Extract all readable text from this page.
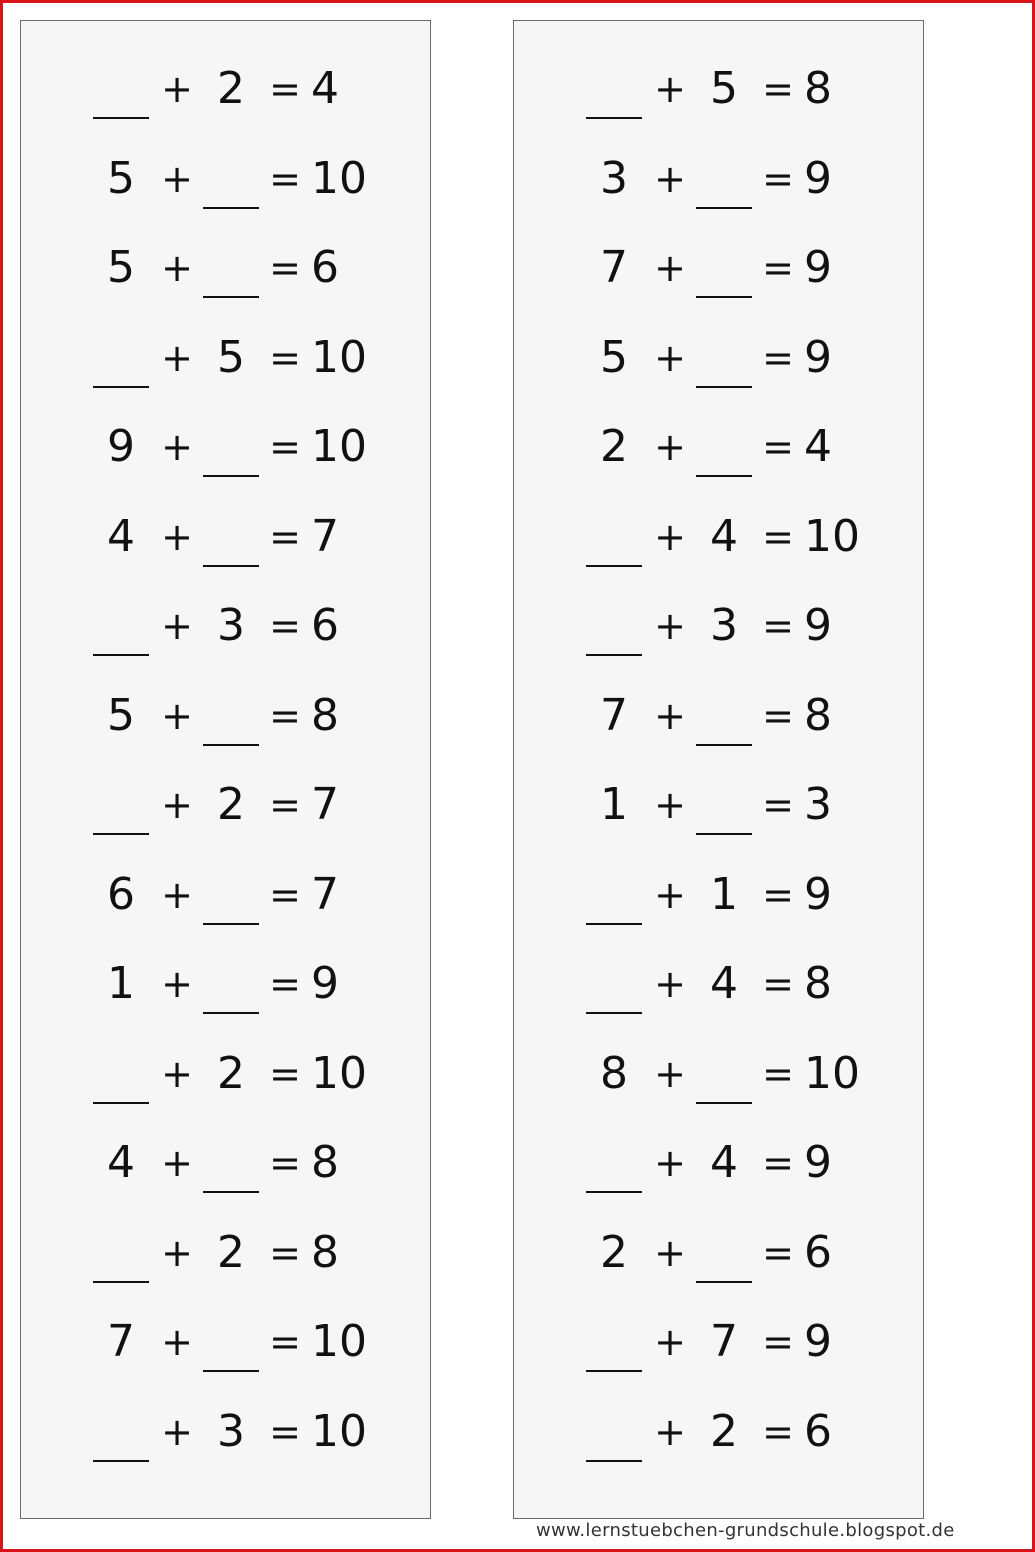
+ 2 = 4
5 + = 10
5 + = 6
+ 5 = 10
9 + = 10
4 + = 7
+ 3 = 6
5 + = 8
+ 2 = 7
6 + = 7
1 + = 9
+ 2 = 10
4 + = 8
+ 2 = 8
7 + = 10
+ 3 = 10
+ 5 = 8
3 + = 9
7 + = 9
5 + = 9
2 + = 4
+ 4 = 10
+ 3 = 9
7 + = 8
1 + = 3
+ 1 = 9
+ 4 = 8
8 + = 10
+ 4 = 9
2 + = 6
+ 7 = 9
+ 2 = 6
www.lernstuebchen-grundschule.blogspot.de
